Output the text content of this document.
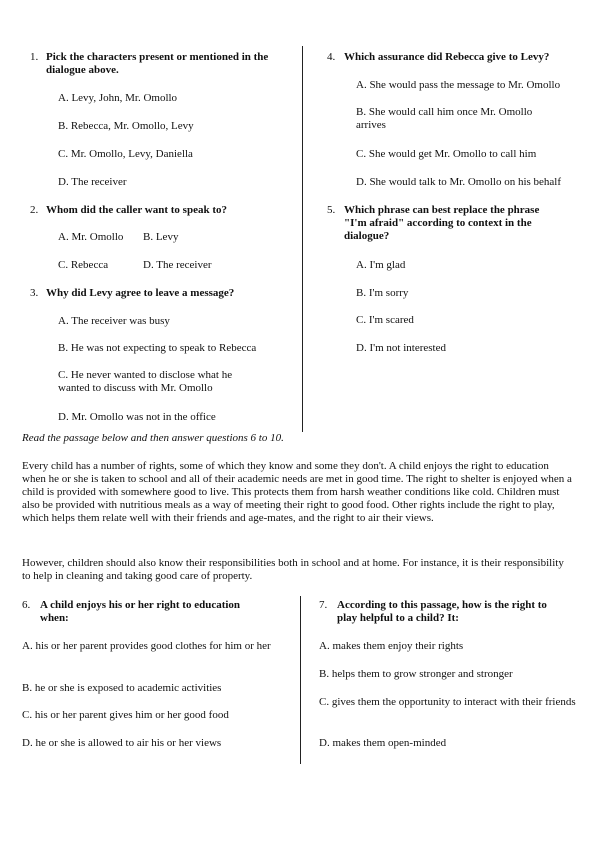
1. Pick the characters present or mentioned in the dialogue above.
A. Levy, John, Mr. Omollo
B. Rebecca, Mr. Omollo, Levy
C. Mr. Omollo, Levy, Daniella
D. The receiver
2. Whom did the caller want to speak to?
A. Mr. Omollo B. Levy
C. Rebecca	D. The receiver
3. Why did Levy agree to leave a message?
A. The receiver was busy
B. He was not expecting to speak to Rebecca
C. He never wanted to disclose what he wanted to discuss with Mr. Omollo
D. Mr. Omollo was not in the office
4. Which assurance did Rebecca give to Levy?
A. She would pass the message to Mr. Omollo
B. She would call him once Mr. Omollo arrives
C. She would get Mr. Omollo to call him
D. She would talk to Mr. Omollo on his behalf
5. Which phrase can best replace the phrase "I'm afraid" according to context in the dialogue?
A. I'm glad
B. I'm sorry
C. I'm scared
D. I'm not interested
Read the passage below and then answer questions 6 to 10.
Every child has a number of rights, some of which they know and some they don't. A child enjoys the right to education when he or she is taken to school and all of their academic needs are met in good time. The right to shelter is enjoyed when a child is provided with somewhere good to live. This protects them from harsh weather conditions like cold. Children must also be provided with nutritious meals as a way of meeting their right to good food. Other rights include the right to play, which helps them relate well with their friends and age-mates, and the right to air their views.
However, children should also know their responsibilities both in school and at home. For instance, it is their responsibility to help in cleaning and taking good care of property.
6. A child enjoys his or her right to education when:
A. his or her parent provides good clothes for him or her
B. he or she is exposed to academic activities
C. his or her parent gives him or her good food
D. he or she is allowed to air his or her views
7. According to this passage, how is the right to play helpful to a child? It:
A. makes them enjoy their rights
B. helps them to grow stronger and stronger
C. gives them the opportunity to interact with their friends
D. makes them open-minded
